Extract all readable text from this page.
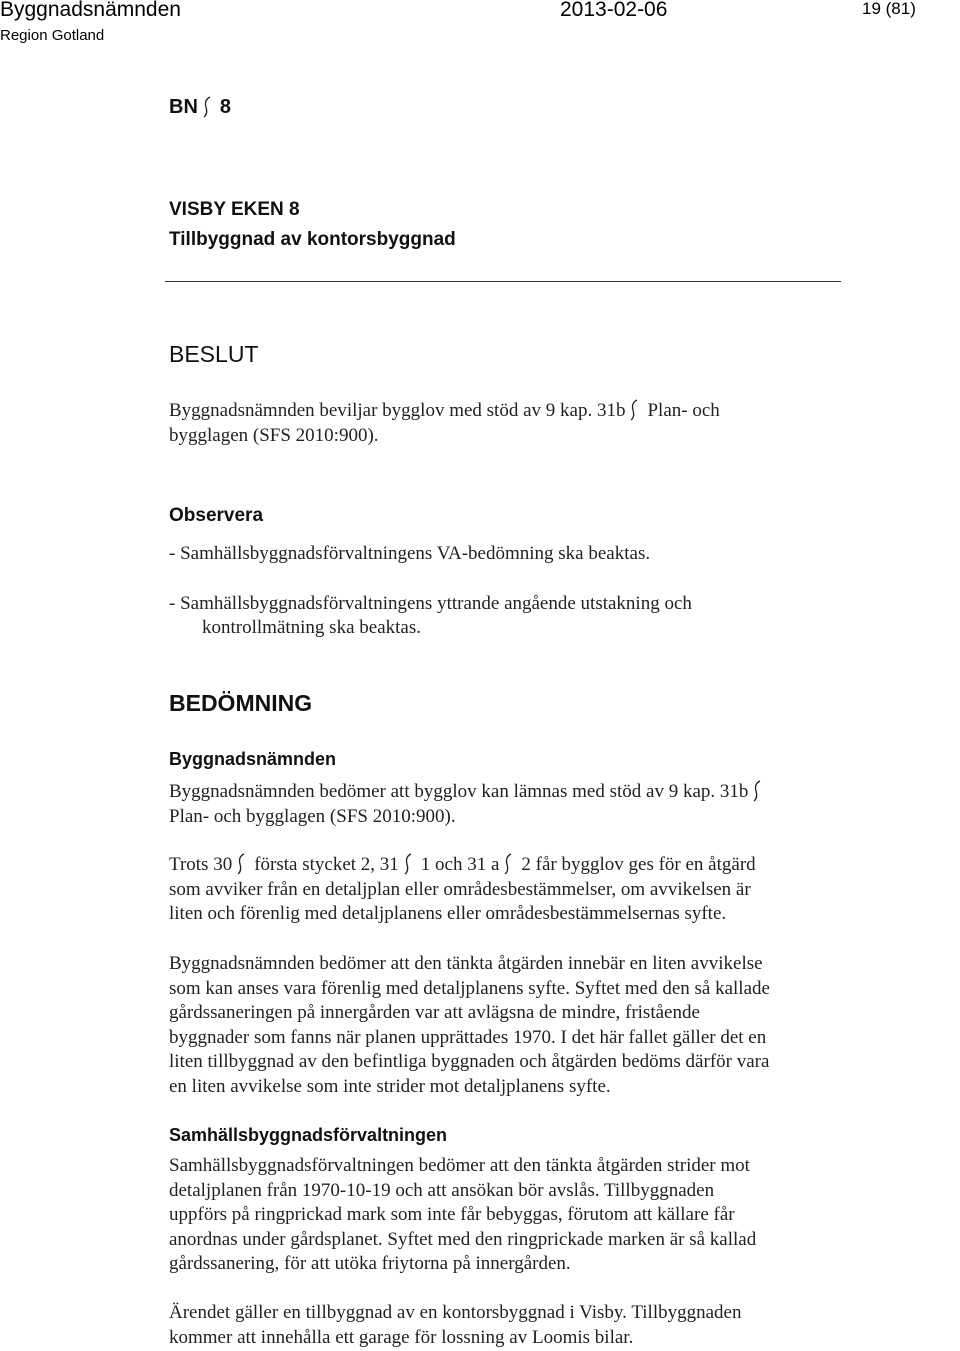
Byggnadsnämnden	2013-02-06	19 (81)
Region Gotland
BN 8
VISBY EKEN 8
Tillbyggnad av kontorsbyggnad
BESLUT
Byggnadsnämnden beviljar bygglov med stöd av 9 kap. 31b Plan- och
bygglagen (SFS 2010:900).
Observera
- Samhällsbyggnadsförvaltningens VA-bedömning ska beaktas.
- Samhällsbyggnadsförvaltningens yttrande angående utstakning och
kontrollmätning ska beaktas.
BEDÖMNING
Byggnadsnämnden
Byggnadsnämnden bedömer att bygglov kan lämnas med stöd av 9 kap. 31b
Plan- och bygglagen (SFS 2010:900).
Trots 30 första stycket 2, 31 1 och 31 a 2 får bygglov ges för en åtgärd
som avviker från en detaljplan eller områdesbestämmelser, om avvikelsen är
liten och förenlig med detaljplanens eller områdesbestämmelsernas syfte.
Byggnadsnämnden bedömer att den tänkta åtgärden innebär en liten avvikelse
som kan anses vara förenlig med detaljplanens syfte. Syftet med den så kallade
gårdssaneringen på innergården var att avlägsna de mindre, fristående
byggnader som fanns när planen upprättades 1970. I det här fallet gäller det en
liten tillbyggnad av den befintliga byggnaden och åtgärden bedöms därför vara
en liten avvikelse som inte strider mot detaljplanens syfte.
Samhällsbyggnadsförvaltningen
Samhällsbyggnadsförvaltningen bedömer att den tänkta åtgärden strider mot
detaljplanen från 1970-10-19 och att ansökan bör avslås. Tillbyggnaden
uppförs på ringprickad mark som inte får bebyggas, förutom att källare får
anordnas under gårdsplanet. Syftet med den ringprickade marken är så kallad
gårdssanering, för att utöka friytorna på innergården.
Ärendet gäller en tillbyggnad av en kontorsbyggnad i Visby. Tillbyggnaden
kommer att innehålla ett garage för lossning av Loomis bilar.
